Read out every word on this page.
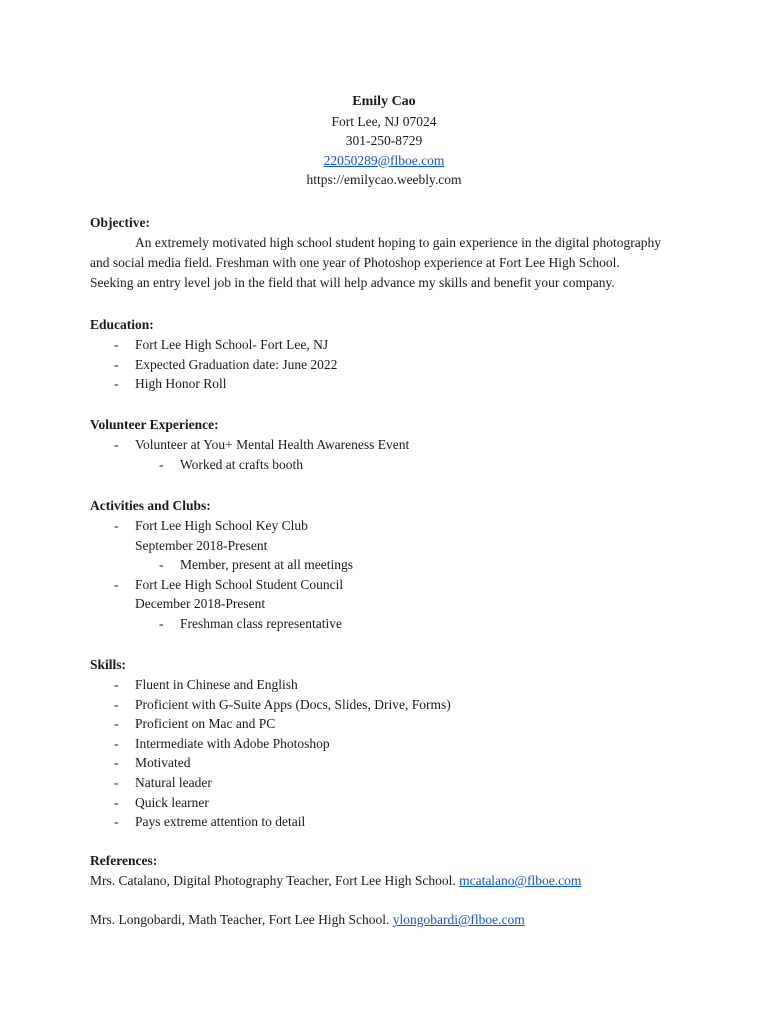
Emily Cao
Fort Lee, NJ 07024
301-250-8729
22050289@flboe.com
https://emilycao.weebly.com
Objective:
An extremely motivated high school student hoping to gain experience in the digital photography
and social media field. Freshman with one year of Photoshop experience at Fort Lee High School.
Seeking an entry level job in the field that will help advance my skills and benefit your company.
Education:
- Fort Lee High School- Fort Lee, NJ
- Expected Graduation date: June 2022
- High Honor Roll
Volunteer Experience:
- Volunteer at You+ Mental Health Awareness Event
- Worked at crafts booth
Activities and Clubs:
- Fort Lee High School Key Club
September 2018-Present
- Member, present at all meetings
- Fort Lee High School Student Council
December 2018-Present
- Freshman class representative
Skills:
- Fluent in Chinese and English
- Proficient with G-Suite Apps (Docs, Slides, Drive, Forms)
- Proficient on Mac and PC
- Intermediate with Adobe Photoshop
- Motivated
- Natural leader
- Quick learner
- Pays extreme attention to detail
References:
Mrs. Catalano, Digital Photography Teacher, Fort Lee High School. mcatalano@flboe.com
Mrs. Longobardi, Math Teacher, Fort Lee High School. ylongobardi@flboe.com
